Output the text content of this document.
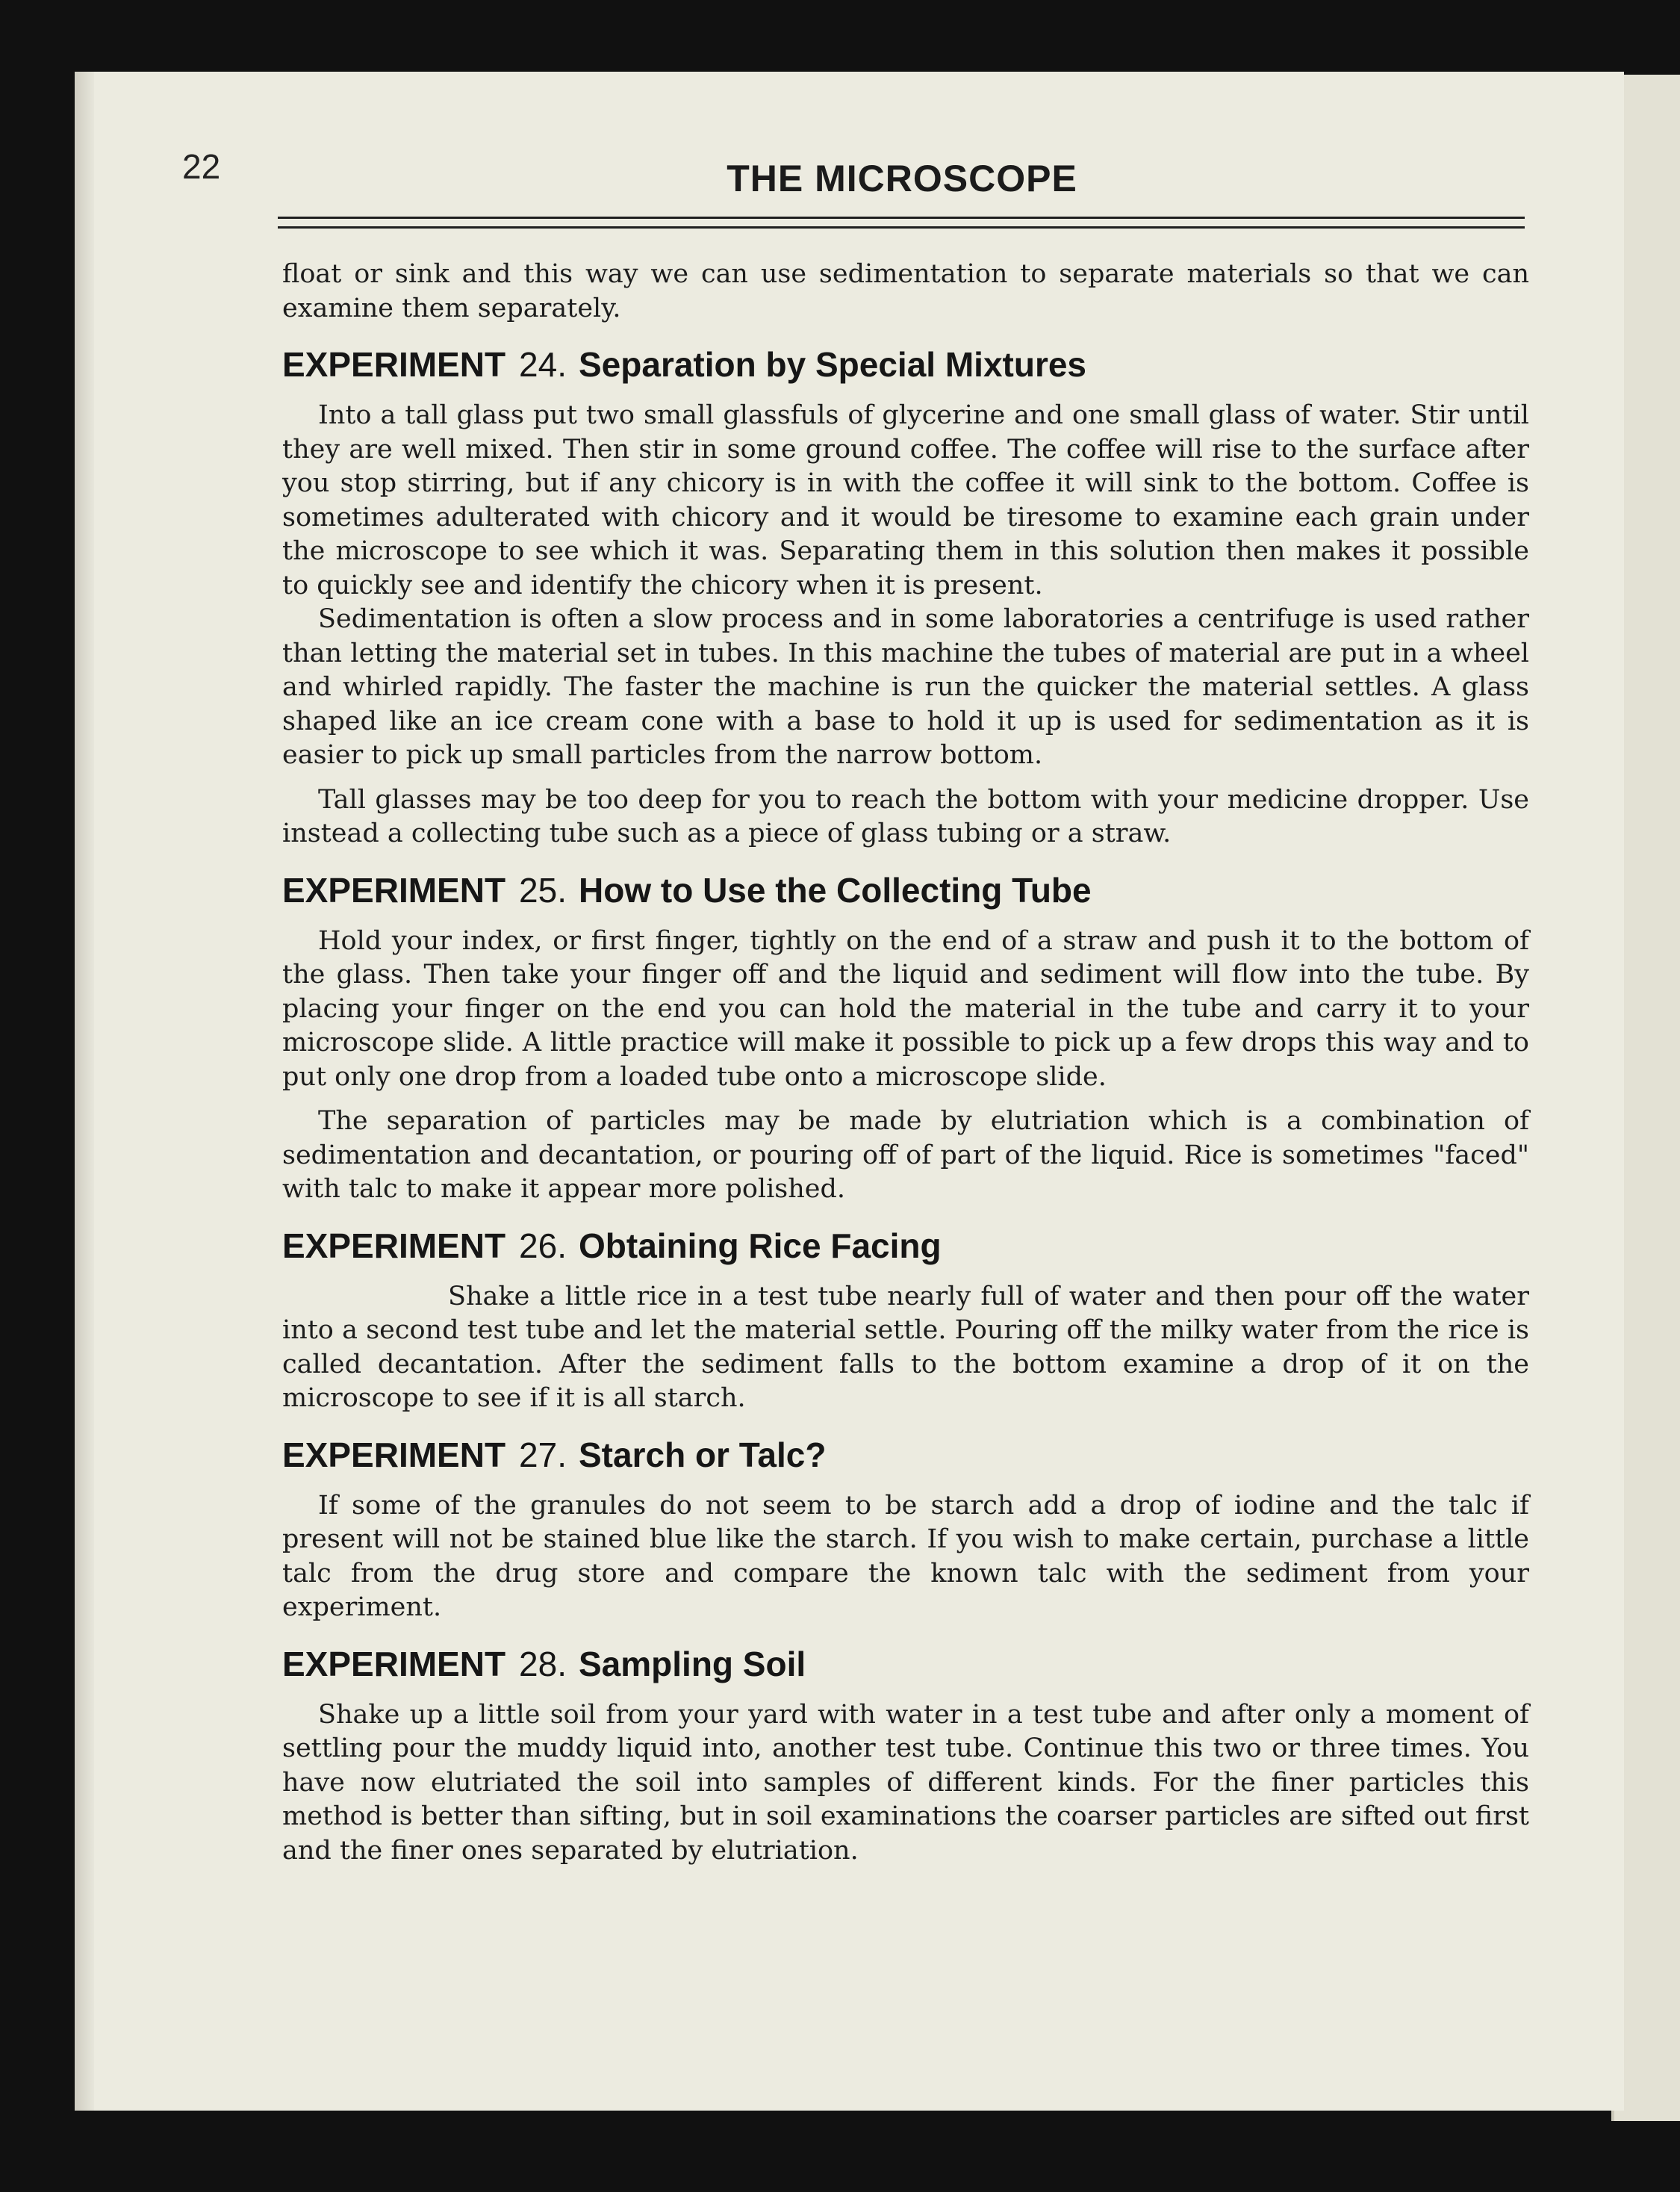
22	THE MICROSCOPE

float or sink and this way we can use sedimentation to separate materials so that we can examine them separately.

EXPERIMENT 24. Separation by Special Mixtures

Into a tall glass put two small glassfuls of glycerine and one small glass of water. Stir until they are well mixed. Then stir in some ground coffee. The coffee will rise to the surface after you stop stirring, but if any chicory is in with the coffee it will sink to the bottom. Coffee is sometimes adulterated with chicory and it would be tiresome to examine each grain under the microscope to see which it was. Separating them in this solution then makes it possible to quickly see and identify the chicory when it is present.

Sedimentation is often a slow process and in some laboratories a centrifuge is used rather than letting the material set in tubes. In this machine the tubes of material are put in a wheel and whirled rapidly. The faster the machine is run the quicker the material settles. A glass shaped like an ice cream cone with a base to hold it up is used for sedimentation as it is easier to pick up small particles from the narrow bottom.

Tall glasses may be too deep for you to reach the bottom with your medicine dropper. Use instead a collecting tube such as a piece of glass tubing or a straw.

EXPERIMENT 25. How to Use the Collecting Tube

Hold your index, or first finger, tightly on the end of a straw and push it to the bottom of the glass. Then take your finger off and the liquid and sediment will flow into the tube. By placing your finger on the end you can hold the material in the tube and carry it to your microscope slide. A little practice will make it possible to pick up a few drops this way and to put only one drop from a loaded tube onto a microscope slide.

The separation of particles may be made by elutriation which is a combination of sedimentation and decantation, or pouring off of part of the liquid. Rice is sometimes "faced" with talc to make it appear more polished.

EXPERIMENT 26. Obtaining Rice Facing

Shake a little rice in a test tube nearly full of water and then pour off the water into a second test tube and let the material settle. Pouring off the milky water from the rice is called decantation. After the sediment falls to the bottom examine a drop of it on the microscope to see if it is all starch.

EXPERIMENT 27. Starch or Talc?

If some of the granules do not seem to be starch add a drop of iodine and the talc if present will not be stained blue like the starch. If you wish to make certain, purchase a little talc from the drug store and compare the known talc with the sediment from your experiment.

EXPERIMENT 28. Sampling Soil

Shake up a little soil from your yard with water in a test tube and after only a moment of settling pour the muddy liquid into, another test tube. Continue this two or three times. You have now elutriated the soil into samples of different kinds. For the finer particles this method is better than sifting, but in soil examinations the coarser particles are sifted out first and the finer ones separated by elutriation.
